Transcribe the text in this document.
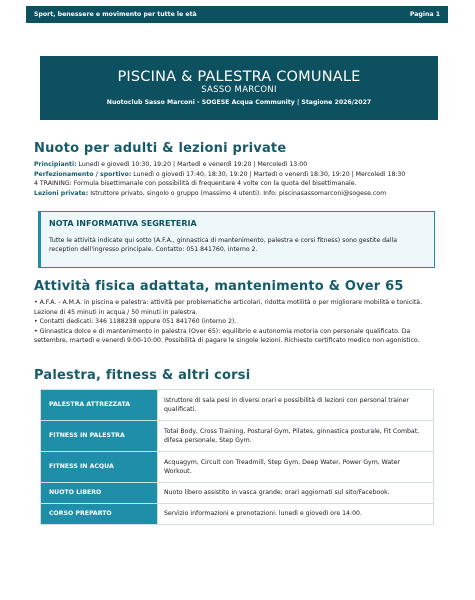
Sport, benessere e movimento per tutte le età	Pagina 1
PISCINA & PALESTRA COMUNALE
SASSO MARCONI
Nuotoclub Sasso Marconi - SOGESE Acqua Community | Stagione 2026/2027
Nuoto per adulti & lezioni private

Principianti: Lunedì e giovedì 10:30, 19:20 | Martedì e venerdì 19:20 | Mercoledì 13:00

Perfezionamento / sportivo: Lunedì o giovedì 17:40, 18:30, 19:20 | Martedì o venerdì 18:30, 19:20 | Mercoledì 18:30

4 TRAINING: Formula bisettimanale con possibilità di frequentare 4 volte con la quota del bisettimanale.

Lezioni private: Istruttore privato, singolo o gruppo (massimo 4 utenti). Info: piscinasassomarconi@sogese.com

NOTA INFORMATIVA SEGRETERIA
Tutte le attività indicate qui sotto (A.F.A., ginnastica di mantenimento, palestra e corsi fitness) sono gestite dalla reception dell'ingresso principale. Contatto: 051 841760, interno 2.
Attività fisica adattata, mantenimento & Over 65

• A.F.A. - A.M.A. in piscina e palestra: attività per problematiche articolari, ridotta motilità o per migliorare mobilità e tonicità. Lezione di 45 minuti in acqua / 50 minuti in palestra.

• Contatti dedicati: 346 1188238 oppure 051 841760 (interno 2).

• Ginnastica dolce e di mantenimento in palestra (Over 65): equilibrio e autonomia motoria con personale qualificato. Da settembre, martedì e venerdì 9:00-10:00. Possibilità di pagare le singole lezioni. Richiesto certificato medico non agonistico.

Palestra, fitness & altri corsi
PALESTRA ATTREZZATA	Istruttore di sala pesi in diversi orari e possibilità di lezioni con personal trainer qualificati.
FITNESS IN PALESTRA	Total Body, Cross Training, Postural Gym, Pilates, ginnastica posturale, Fit Combat, difesa personale, Step Gym.
FITNESS IN ACQUA	Acquagym, Circuit con Treadmill, Step Gym, Deep Water, Power Gym, Water Workout.
NUOTO LIBERO	Nuoto libero assistito in vasca grande; orari aggiornati sul sito/Facebook.
CORSO PREPARTO	Servizio informazioni e prenotazioni: lunedì e giovedì ore 14:00.
